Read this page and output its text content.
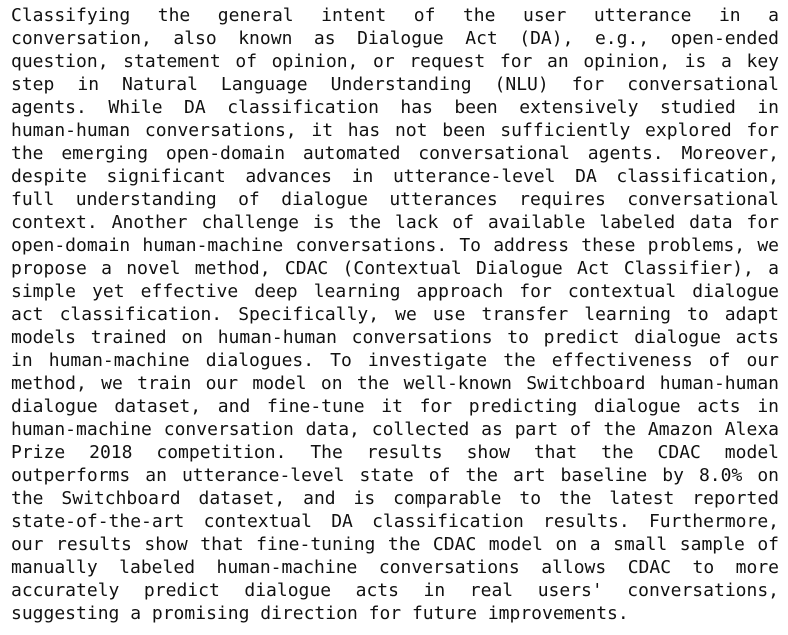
Classifying the general intent of the user utterance in a
conversation, also known as Dialogue Act (DA), e.g., open-ended
question, statement of opinion, or request for an opinion, is a key
step in Natural Language Understanding (NLU) for conversational
agents. While DA classification has been extensively studied in
human-human conversations, it has not been sufficiently explored for
the emerging open-domain automated conversational agents. Moreover,
despite significant advances in utterance-level DA classification,
full understanding of dialogue utterances requires conversational
context. Another challenge is the lack of available labeled data for
open-domain human-machine conversations. To address these problems, we
propose a novel method, CDAC (Contextual Dialogue Act Classifier), a
simple yet effective deep learning approach for contextual dialogue
act classification. Specifically, we use transfer learning to adapt
models trained on human-human conversations to predict dialogue acts
in human-machine dialogues. To investigate the effectiveness of our
method, we train our model on the well-known Switchboard human-human
dialogue dataset, and fine-tune it for predicting dialogue acts in
human-machine conversation data, collected as part of the Amazon Alexa
Prize 2018 competition. The results show that the CDAC model
outperforms an utterance-level state of the art baseline by 8.0% on
the Switchboard dataset, and is comparable to the latest reported
state-of-the-art contextual DA classification results. Furthermore,
our results show that fine-tuning the CDAC model on a small sample of
manually labeled human-machine conversations allows CDAC to more
accurately predict dialogue acts in real users' conversations,
suggesting a promising direction for future improvements.
